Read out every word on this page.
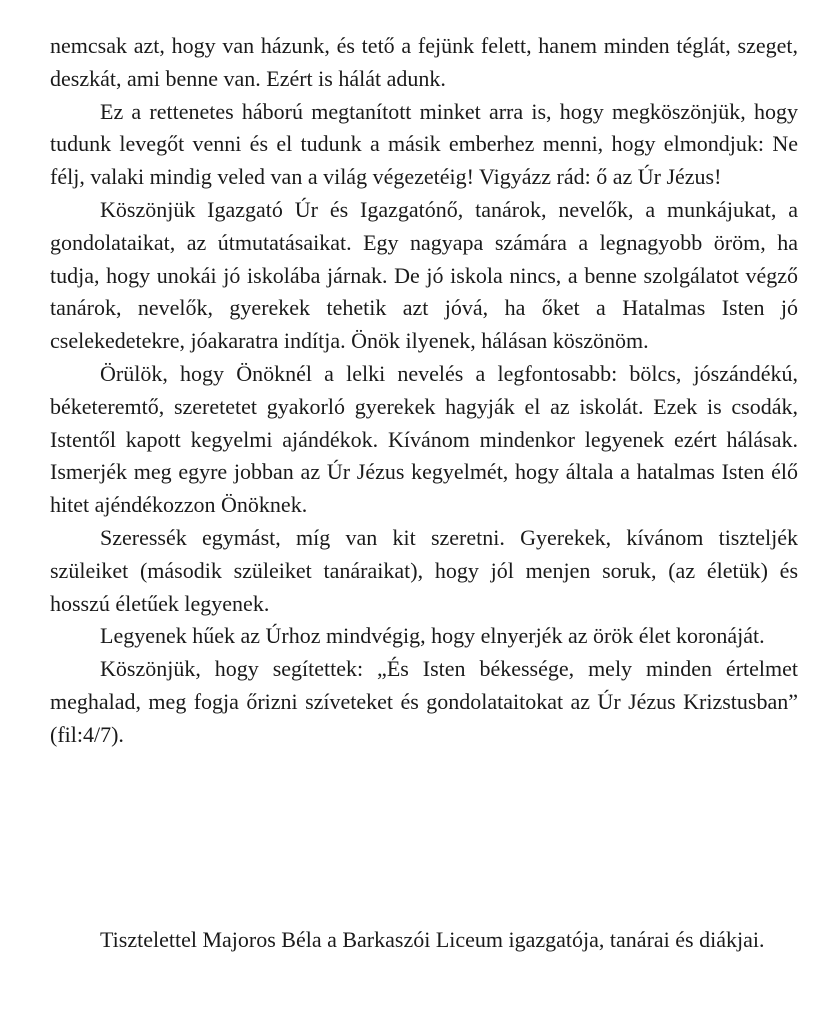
nemcsak azt, hogy van házunk, és tető a fejünk felett, hanem minden téglát, szeget, deszkát, ami benne van. Ezért is hálát adunk.

Ez a rettenetes háború megtanított minket arra is, hogy megköszönjük, hogy tudunk levegőt venni és el tudunk a másik emberhez menni, hogy elmondjuk: Ne félj, valaki mindig veled van a világ végezetéig! Vigyázz rád: ő az Úr Jézus!

Köszönjük Igazgató Úr és Igazgatónő, tanárok, nevelők, a munkájukat, a gondolataikat, az útmutatásaikat. Egy nagyapa számára a legnagyobb öröm, ha tudja, hogy unokái jó iskolába járnak. De jó iskola nincs, a benne szolgálatot végző tanárok, nevelők, gyerekek tehetik azt jóvá, ha őket a Hatalmas Isten jó cselekedetekre, jóakaratra indítja. Önök ilyenek, hálásan köszönöm.

Örülök, hogy Önöknél a lelki nevelés a legfontosabb: bölcs, jószándékú, béketeremtő, szeretetet gyakorló gyerekek hagyják el az iskolát. Ezek is csodák, Istentől kapott kegyelmi ajándékok. Kívánom mindenkor legyenek ezért hálásak. Ismerjék meg egyre jobban az Úr Jézus kegyelmét, hogy általa a hatalmas Isten élő hitet ajéndékozzon Önöknek.

Szeressék egymást, míg van kit szeretni. Gyerekek, kívánom tiszteljék szüleiket (második szüleiket tanáraikat), hogy jól menjen soruk, (az életük) és hosszú életűek legyenek.

Legyenek hűek az Úrhoz mindvégig, hogy elnyerjék az örök élet koronáját.

Köszönjük, hogy segítettek: „És Isten békessége, mely minden értelmet meghalad, meg fogja őrizni szíveteket és gondolataitokat az Úr Jézus Krizstusban” (fil:4/7).

Tisztelettel Majoros Béla a Barkaszói Liceum igazgatója, tanárai és diákjai.
